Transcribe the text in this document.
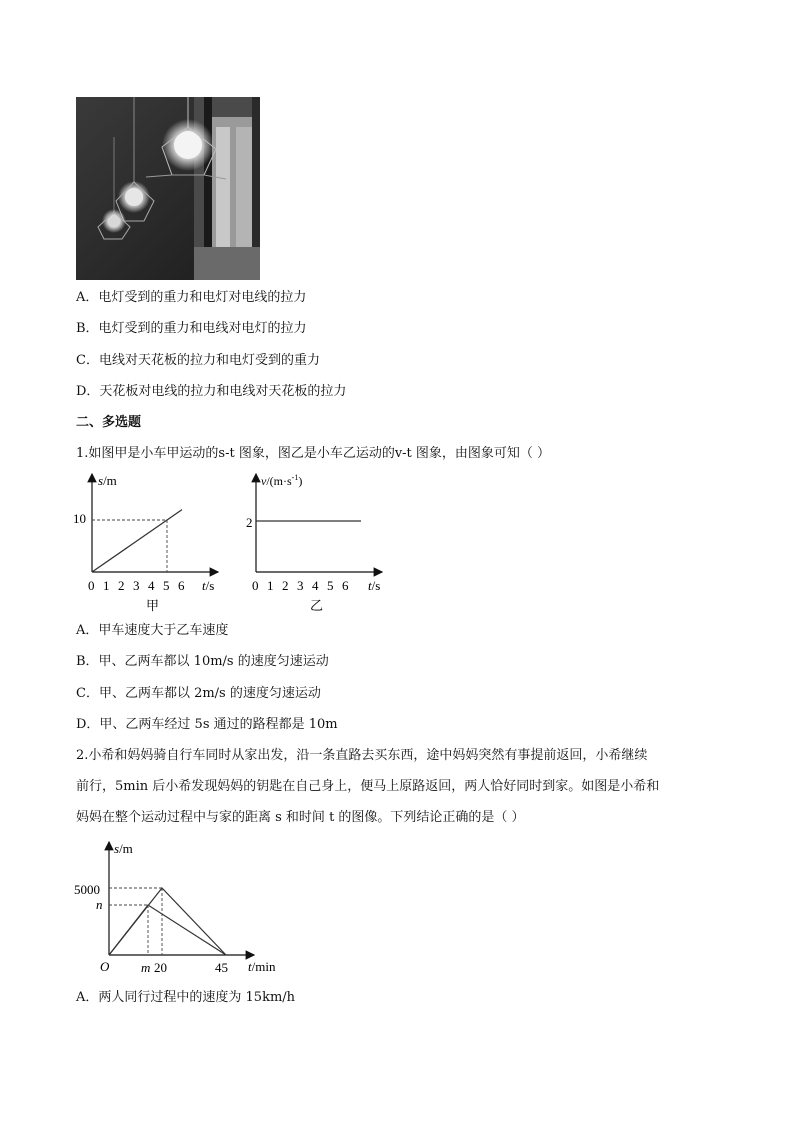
A．电灯受到的重力和电灯对电线的拉力
B．电灯受到的重力和电线对电灯的拉力
C．电线对天花板的拉力和电灯受到的重力
D．天花板对电线的拉力和电线对天花板的拉力
二、多选题
1.如图甲是小车甲运动的s-t 图象，图乙是小车乙运动的v-t 图象，由图象可知（ ）
s/m
10
0 1 2 3 4 5 6 t/s
甲
$v/(m\cdot s^{-1})$
2
0 1 2 3 4 5 6 t/s
乙
A．甲车速度大于乙车速度
B．甲、乙两车都以 10m/s 的速度匀速运动
C．甲、乙两车都以 2m/s 的速度匀速运动
D．甲、乙两车经过 5s 通过的路程都是 10m
2.小希和妈妈骑自行车同时从家出发，沿一条直路去买东西，途中妈妈突然有事提前返回，小希继续
前行，5min 后小希发现妈妈的钥匙在自己身上，便马上原路返回，两人恰好同时到家。如图是小希和
妈妈在整个运动过程中与家的距离 s 和时间 t 的图像。下列结论正确的是（ ）
s/m
5000
n
O m 20	45 t/min
A．两人同行过程中的速度为 15km/h
